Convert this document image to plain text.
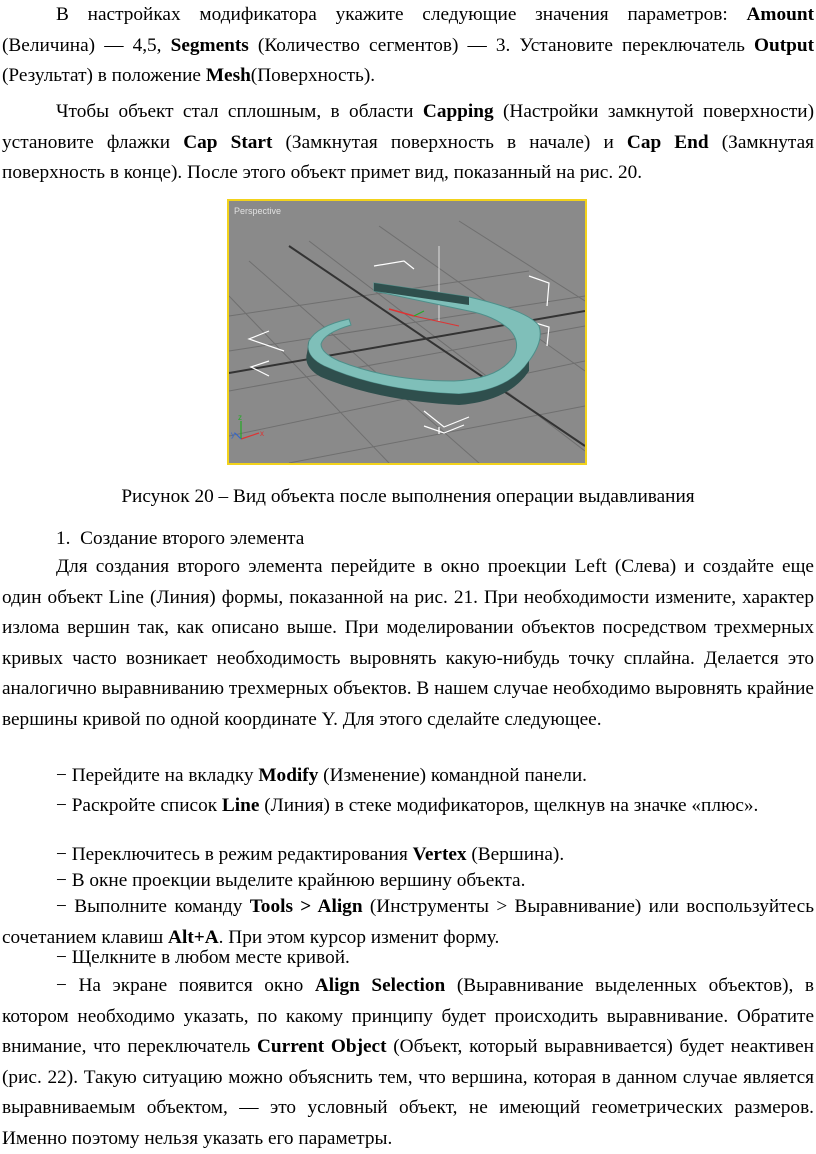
В настройках модификатора укажите следующие значения параметров: Amount (Величина) — 4,5, Segments (Количество сегментов) — 3. Установите переключатель Output (Результат) в положение Mesh(Поверхность).

Чтобы объект стал сплошным, в области Capping (Настройки замкнутой поверхности) установите флажки Cap Start (Замкнутая поверхность в начале) и Cap End (Замкнутая поверхность в конце). После этого объект примет вид, показанный на рис. 20.

x
z
y
Perspective
Рисунок 20 – Вид объекта после выполнения операции выдавливания

1. Создание второго элемента

Для создания второго элемента перейдите в окно проекции Left (Слева) и создайте еще один объект Line (Линия) формы, показанной на рис. 21. При необходимости измените, характер излома вершин так, как описано выше. При моделировании объектов посредством трехмерных кривых часто возникает необходимость выровнять какую-нибудь точку сплайна. Делается это аналогично выравниванию трехмерных объектов. В нашем случае необходимо выровнять крайние вершины кривой по одной координате Y. Для этого сделайте следующее.

− Перейдите на вкладку Modify (Изменение) командной панели.

− Раскройте список Line (Линия) в стеке модификаторов, щелкнув на значке «плюс».

− Переключитесь в режим редактирования Vertex (Вершина).

− В окне проекции выделите крайнюю вершину объекта.

− Выполните команду Tools > Align (Инструменты > Выравнивание) или воспользуйтесь сочетанием клавиш Alt+A. При этом курсор изменит форму.

− Щелкните в любом месте кривой.

− На экране появится окно Align Selection (Выравнивание выделенных объектов), в котором необходимо указать, по какому принципу будет происходить выравнивание. Обратите внимание, что переключатель Current Object (Объект, который выравнивается) будет неактивен (рис. 22). Такую ситуацию можно объяснить тем, что вершина, которая в данном случае является выравниваемым объектом, — это условный объект, не имеющий геометрических размеров. Именно поэтому нельзя указать его параметры.
